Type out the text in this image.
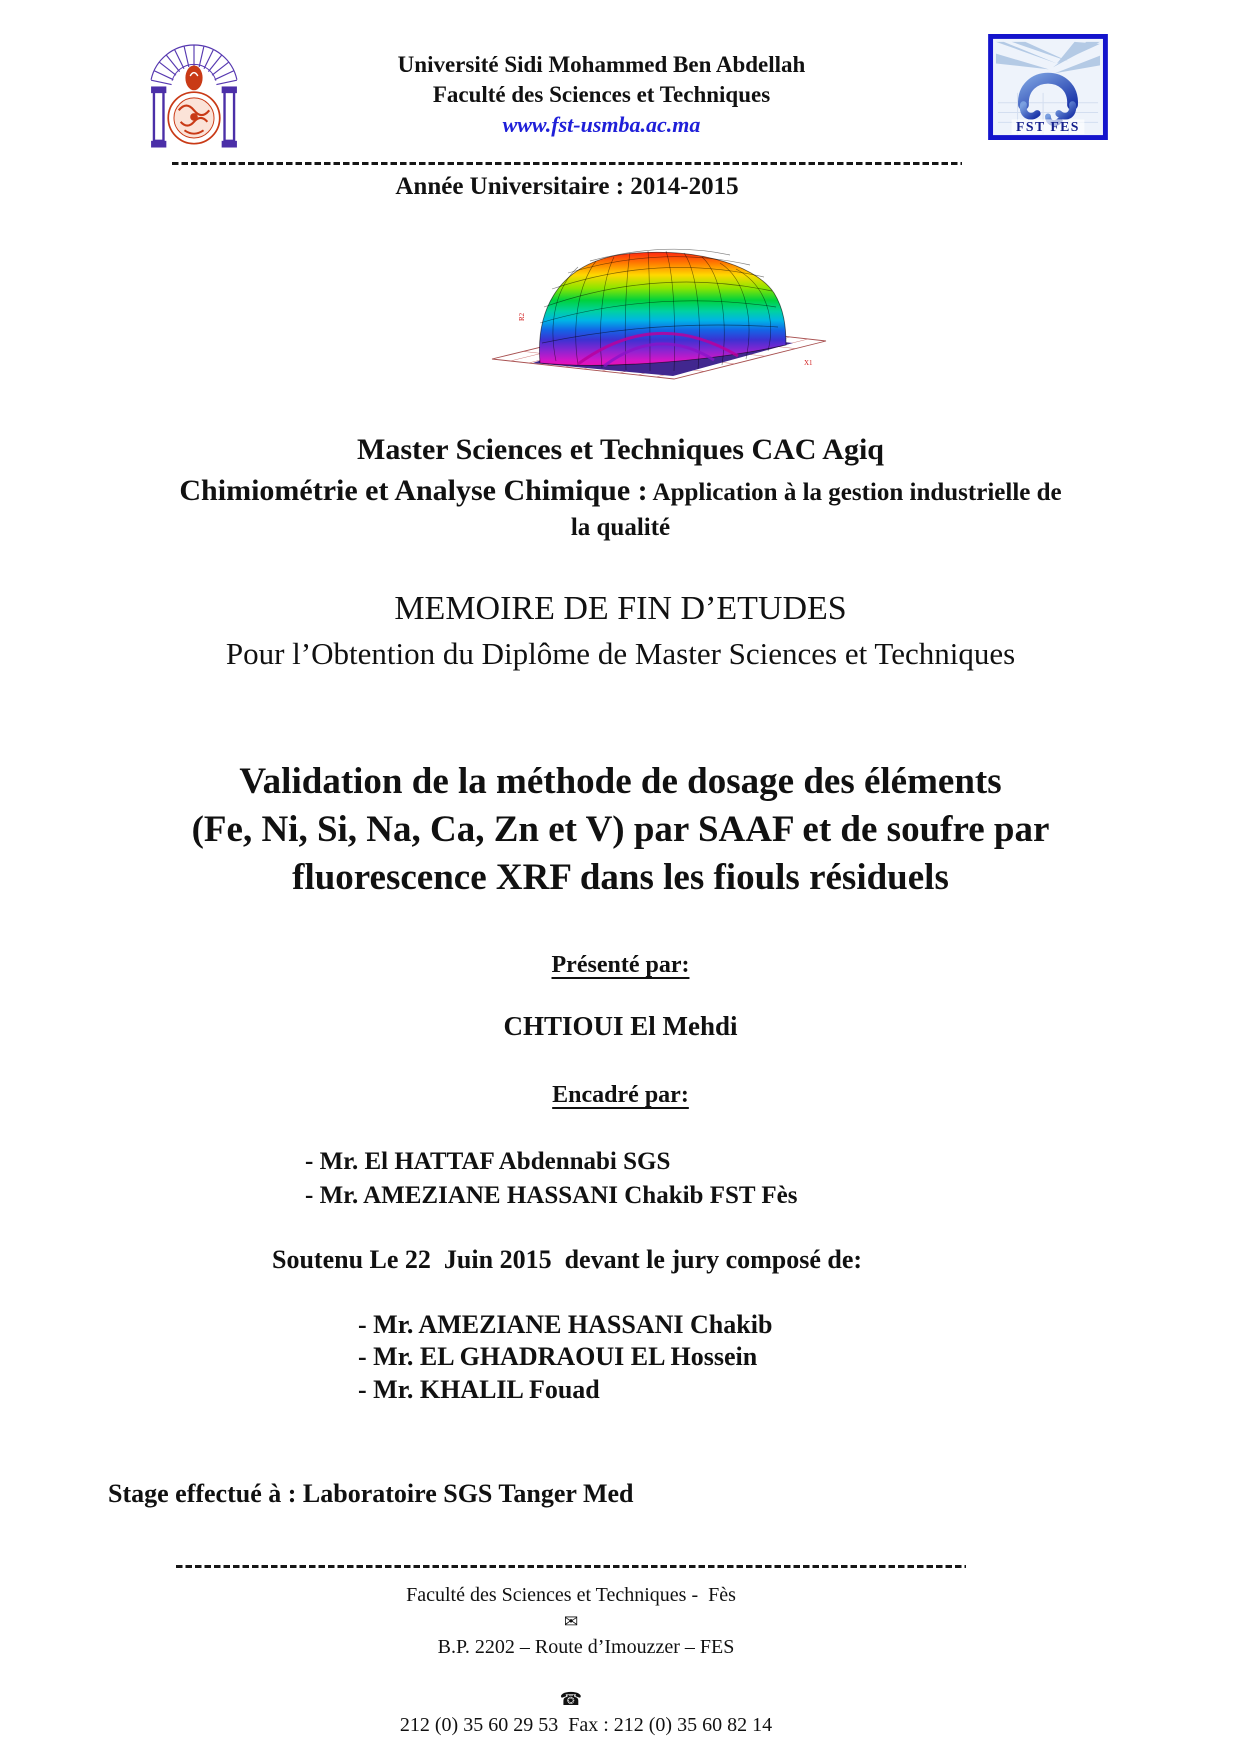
Université Sidi Mohammed Ben Abdellah
Faculté des Sciences et Techniques
www.fst-usmba.ac.ma	FST FES
Année Universitaire : 2014-2015
R2
X1
Master Sciences et Techniques CAC Agiq
Chimiométrie et Analyse Chimique : Application à la gestion industrielle de
la qualité
MEMOIRE DE FIN D’ETUDES
Pour l’Obtention du Diplôme de Master Sciences et Techniques
Validation de la méthode de dosage des éléments
(Fe, Ni, Si, Na, Ca, Zn et V) par SAAF et de soufre par
fluorescence XRF dans les fiouls résiduels
Présenté par:
CHTIOUI El Mehdi
Encadré par:
- Mr. El HATTAF Abdennabi SGS
- Mr. AMEZIANE HASSANI Chakib FST Fès
Soutenu Le 22  Juin 2015  devant le jury composé de:
- Mr. AMEZIANE HASSANI Chakib
- Mr. EL GHADRAOUI EL Hossein
- Mr. KHALIL Fouad
Stage effectué à : Laboratoire SGS Tanger Med
Faculté des Sciences et Techniques -  Fès
✉
B.P. 2202 – Route d’Imouzzer – FES

☎
212 (0) 35 60 29 53  Fax : 212 (0) 35 60 82 14
